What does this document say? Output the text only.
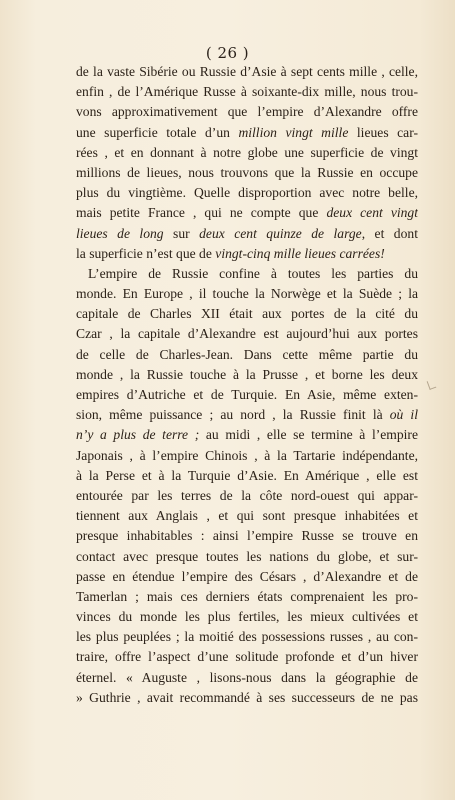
( 26 )
de la vaste Sibérie ou Russie d’Asie à sept cents mille , celle,
enfin , de l’Amérique Russe à soixante-dix mille, nous trou-
vons approximativement que l’empire d’Alexandre offre
une superficie totale d’un million vingt mille lieues car-
rées , et en donnant à notre globe une superficie de vingt
millions de lieues, nous trouvons que la Russie en occupe
plus du vingtième. Quelle disproportion avec notre belle,
mais petite France , qui ne compte que deux cent vingt
lieues de long sur deux cent quinze de large, et dont
la superficie n’est que de vingt-cinq mille lieues carrées!
L’empire de Russie confine à toutes les parties du
monde. En Europe , il touche la Norwège et la Suède ; la
capitale de Charles XII était aux portes de la cité du
Czar , la capitale d’Alexandre est aujourd’hui aux portes
de celle de Charles-Jean. Dans cette même partie du
monde , la Russie touche à la Prusse , et borne les deux
empires d’Autriche et de Turquie. En Asie, même exten-
sion, même puissance ; au nord , la Russie finit là où il
n’y a plus de terre ; au midi , elle se termine à l’empire
Japonais , à l’empire Chinois , à la Tartarie indépendante,
à la Perse et à la Turquie d’Asie. En Amérique , elle est
entourée par les terres de la côte nord-ouest qui appar-
tiennent aux Anglais , et qui sont presque inhabitées et
presque inhabitables : ainsi l’empire Russe se trouve en
contact avec presque toutes les nations du globe, et sur-
passe en étendue l’empire des Césars , d’Alexandre et de
Tamerlan ; mais ces derniers états comprenaient les pro-
vinces du monde les plus fertiles, les mieux cultivées et
les plus peuplées ; la moitié des possessions russes , au con-
traire, offre l’aspect d’une solitude profonde et d’un hiver
éternel. « Auguste , lisons-nous dans la géographie de
» Guthrie , avait recommandé à ses successeurs de ne pas
